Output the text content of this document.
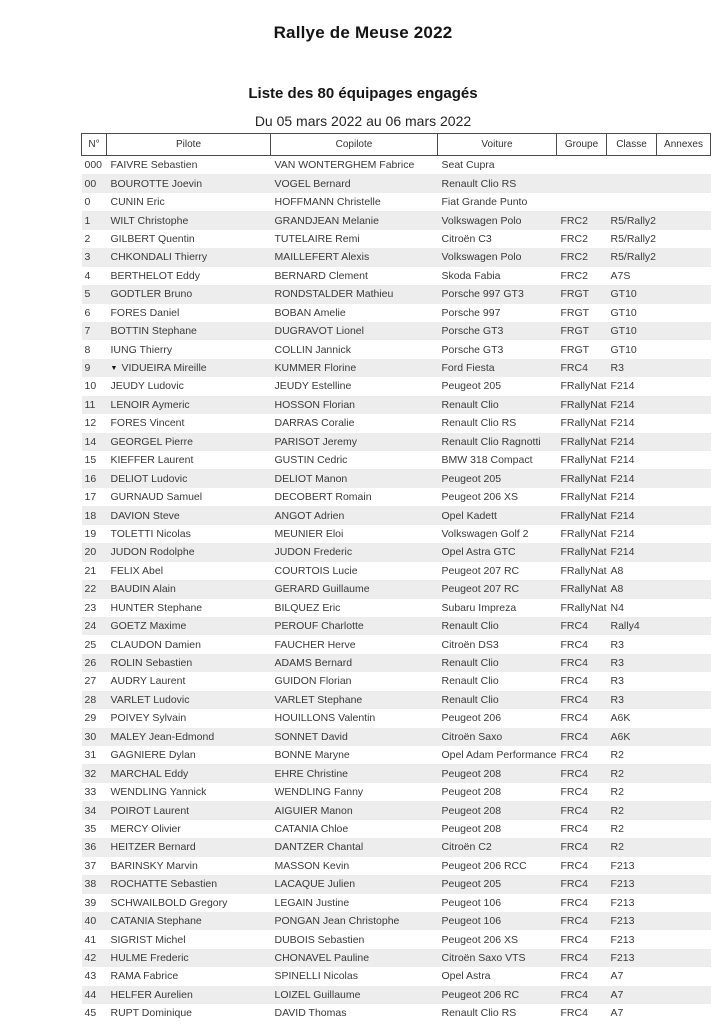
Rallye de Meuse 2022
Liste des 80 équipages engagés
Du 05 mars 2022 au 06 mars 2022
N°	Pilote	Copilote	Voiture	Groupe	Classe	Annexes
000	FAIVRE Sebastien	VAN WONTERGHEM Fabrice	Seat Cupra			
00	BOUROTTE Joevin	VOGEL Bernard	Renault Clio RS			
0	CUNIN Eric	HOFFMANN Christelle	Fiat Grande Punto			
1	WILT Christophe	GRANDJEAN Melanie	Volkswagen Polo	FRC2	R5/Rally2	
2	GILBERT Quentin	TUTELAIRE Remi	Citroën C3	FRC2	R5/Rally2	
3	CHKONDALI Thierry	MAILLEFERT Alexis	Volkswagen Polo	FRC2	R5/Rally2	
4	BERTHELOT Eddy	BERNARD Clement	Skoda Fabia	FRC2	A7S	
5	GODTLER Bruno	RONDSTALDER Mathieu	Porsche 997 GT3	FRGT	GT10	
6	FORES Daniel	BOBAN Amelie	Porsche 997	FRGT	GT10	
7	BOTTIN Stephane	DUGRAVOT Lionel	Porsche GT3	FRGT	GT10	
8	IUNG Thierry	COLLIN Jannick	Porsche GT3	FRGT	GT10	
9	▼ VIDUEIRA Mireille	KUMMER Florine	Ford Fiesta	FRC4	R3	
10	JEUDY Ludovic	JEUDY Estelline	Peugeot 205	FRallyNat	F214	
11	LENOIR Aymeric	HOSSON Florian	Renault Clio	FRallyNat	F214	
12	FORES Vincent	DARRAS Coralie	Renault Clio RS	FRallyNat	F214	
14	GEORGEL Pierre	PARISOT Jeremy	Renault Clio Ragnotti	FRallyNat	F214	
15	KIEFFER Laurent	GUSTIN Cedric	BMW 318 Compact	FRallyNat	F214	
16	DELIOT Ludovic	DELIOT Manon	Peugeot 205	FRallyNat	F214	
17	GURNAUD Samuel	DECOBERT Romain	Peugeot 206 XS	FRallyNat	F214	
18	DAVION Steve	ANGOT Adrien	Opel Kadett	FRallyNat	F214	
19	TOLETTI Nicolas	MEUNIER Eloi	Volkswagen Golf 2	FRallyNat	F214	
20	JUDON Rodolphe	JUDON Frederic	Opel Astra GTC	FRallyNat	F214	
21	FELIX Abel	COURTOIS Lucie	Peugeot 207 RC	FRallyNat	A8	
22	BAUDIN Alain	GERARD Guillaume	Peugeot 207 RC	FRallyNat	A8	
23	HUNTER Stephane	BILQUEZ Eric	Subaru Impreza	FRallyNat	N4	
24	GOETZ Maxime	PEROUF Charlotte	Renault Clio	FRC4	Rally4	
25	CLAUDON Damien	FAUCHER Herve	Citroën DS3	FRC4	R3	
26	ROLIN Sebastien	ADAMS Bernard	Renault Clio	FRC4	R3	
27	AUDRY Laurent	GUIDON Florian	Renault Clio	FRC4	R3	
28	VARLET Ludovic	VARLET Stephane	Renault Clio	FRC4	R3	
29	POIVEY Sylvain	HOUILLONS Valentin	Peugeot 206	FRC4	A6K	
30	MALEY Jean-Edmond	SONNET David	Citroën Saxo	FRC4	A6K	
31	GAGNIERE Dylan	BONNE Maryne	Opel Adam Performance	FRC4	R2	
32	MARCHAL Eddy	EHRE Christine	Peugeot 208	FRC4	R2	
33	WENDLING Yannick	WENDLING Fanny	Peugeot 208	FRC4	R2	
34	POIROT Laurent	AIGUIER Manon	Peugeot 208	FRC4	R2	
35	MERCY Olivier	CATANIA Chloe	Peugeot 208	FRC4	R2	
36	HEITZER Bernard	DANTZER Chantal	Citroën C2	FRC4	R2	
37	BARINSKY Marvin	MASSON Kevin	Peugeot 206 RCC	FRC4	F213	
38	ROCHATTE Sebastien	LACAQUE Julien	Peugeot 205	FRC4	F213	
39	SCHWAILBOLD Gregory	LEGAIN Justine	Peugeot 106	FRC4	F213	
40	CATANIA Stephane	PONGAN Jean Christophe	Peugeot 106	FRC4	F213	
41	SIGRIST Michel	DUBOIS Sebastien	Peugeot 206 XS	FRC4	F213	
42	HULME Frederic	CHONAVEL Pauline	Citroën Saxo VTS	FRC4	F213	
43	RAMA Fabrice	SPINELLI Nicolas	Opel Astra	FRC4	A7	
44	HELFER Aurelien	LOIZEL Guillaume	Peugeot 206 RC	FRC4	A7	
45	RUPT Dominique	DAVID Thomas	Renault Clio RS	FRC4	A7	
